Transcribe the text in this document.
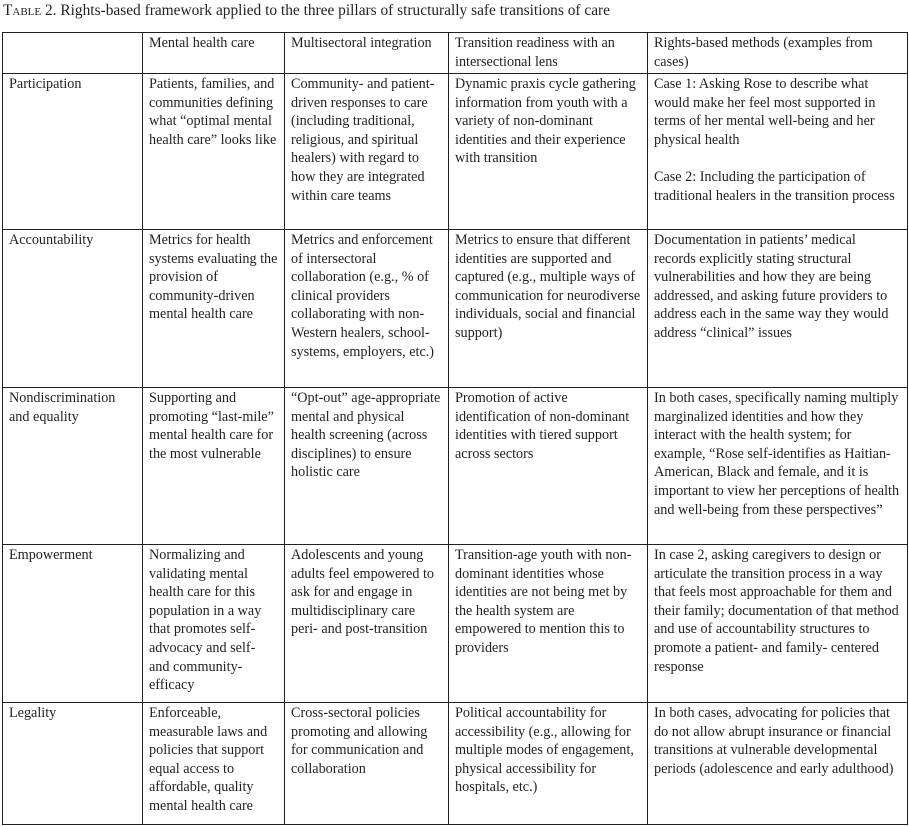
Table 2. Rights-based framework applied to the three pillars of structurally safe transitions of care
	Mental health care	Multisectoral integration	Transition readiness with an intersectional lens	Rights-based methods (examples from cases)
Participation	Patients, families, and communities defining what “optimal mental health care” looks like	Community- and patient-driven responses to care (including traditional, religious, and spiritual healers) with regard to how they are integrated within care teams	Dynamic praxis cycle gathering information from youth with a variety of non-dominant identities and their experience with transition	Case 1: Asking Rose to describe what would make her feel most supported in terms of her mental well-being and her physical health

Case 2: Including the participation of traditional healers in the transition process

Accountability	Metrics for health systems evaluating the provision of community-driven mental health care	Metrics and enforcement of intersectoral collaboration (e.g., % of clinical providers collaborating with non-Western healers, school-systems, employers, etc.)	Metrics to ensure that different identities are supported and captured (e.g., multiple ways of communication for neurodiverse individuals, social and financial support)	Documentation in patients’ medical records explicitly stating structural vulnerabilities and how they are being addressed, and asking future providers to address each in the same way they would address “clinical” issues

Nondiscrimination and equality	Supporting and promoting “last-mile” mental health care for the most vulnerable	“Opt-out” age-appropriate mental and physical health screening (across disciplines) to ensure holistic care	Promotion of active identification of non-dominant identities with tiered support across sectors	In both cases, specifically naming multiply marginalized identities and how they interact with the health system; for example, “Rose self-identifies as Haitian-American, Black and female, and it is important to view her perceptions of health and well-being from these perspectives”

Empowerment	Normalizing and validating mental health care for this population in a way that promotes self-advocacy and self- and community-efficacy	Adolescents and young adults feel empowered to ask for and engage in multidisciplinary care peri- and post-transition	Transition-age youth with non-dominant identities whose identities are not being met by the health system are empowered to mention this to providers	In case 2, asking caregivers to design or articulate the transition process in a way that feels most approachable for them and their family; documentation of that method and use of accountability structures to promote a patient- and family- centered response

Legality	Enforceable, measurable laws and policies that support equal access to affordable, quality mental health care	Cross-sectoral policies promoting and allowing for communication and collaboration	Political accountability for accessibility (e.g., allowing for multiple modes of engagement, physical accessibility for hospitals, etc.)	In both cases, advocating for policies that do not allow abrupt insurance or financial transitions at vulnerable developmental periods (adolescence and early adulthood)
